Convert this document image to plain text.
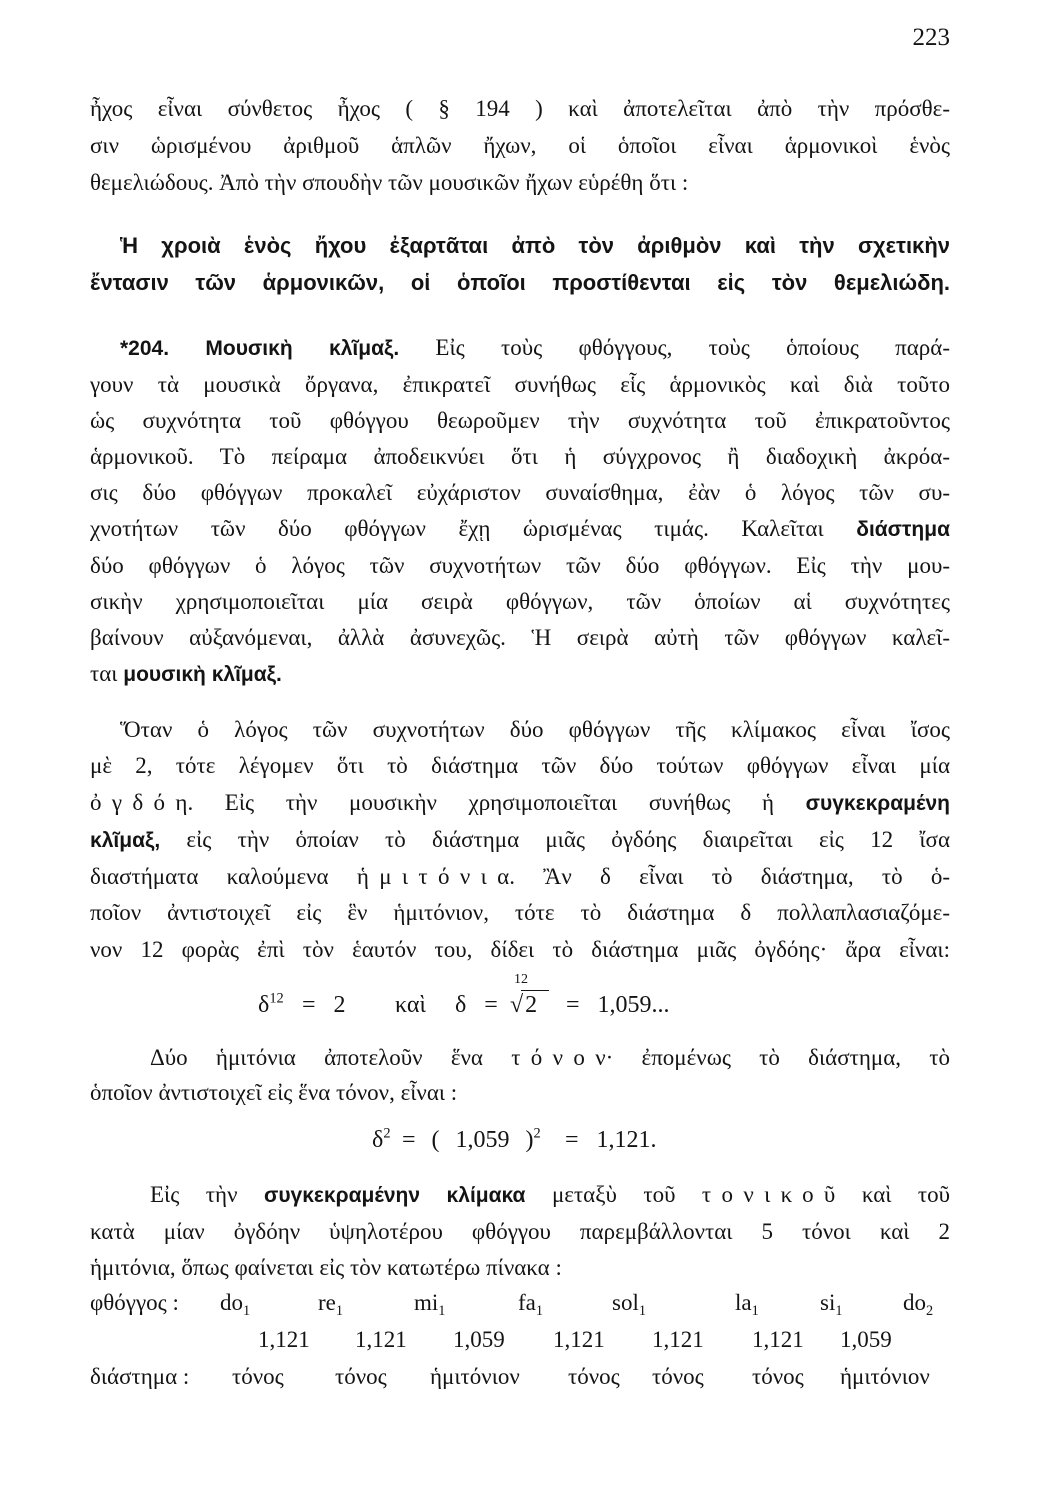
223
ἦχος εἶναι σύνθετος ἦχος ( § 194 ) καὶ ἀποτελεῖται ἀπὸ τὴν πρόσθε-
σιν ὡρισμένου ἀριθμοῦ ἁπλῶν ἤχων, οἱ ὁποῖοι εἶναι ἁρμονικοὶ ἑνὸς
θεμελιώδους. Ἀπὸ τὴν σπουδὴν τῶν μουσικῶν ἤχων εὑρέθη ὅτι :
Ἡ χροιὰ ἑνὸς ἤχου ἐξαρτᾶται ἀπὸ τὸν ἀριθμὸν καὶ τὴν σχετικὴν
ἔντασιν τῶν ἁρμονικῶν, οἱ ὁποῖοι προστίθενται εἰς τὸν θεμελιώδη.
*204. Μουσικὴ κλῖμαξ. Εἰς τοὺς φθόγγους, τοὺς ὁποίους παρά-
γουν τὰ μουσικὰ ὄργανα, ἐπικρατεῖ συνήθως εἷς ἁρμονικὸς καὶ διὰ τοῦτο
ὡς συχνότητα τοῦ φθόγγου θεωροῦμεν τὴν συχνότητα τοῦ ἐπικρατοῦντος
ἁρμονικοῦ. Τὸ πείραμα ἀποδεικνύει ὅτι ἡ σύγχρονος ἢ διαδοχικὴ ἀκρόα-
σις δύο φθόγγων προκαλεῖ εὐχάριστον συναίσθημα, ἐὰν ὁ λόγος τῶν συ-
χνοτήτων τῶν δύο φθόγγων ἔχῃ ὡρισμένας τιμάς. Καλεῖται διάστημα
δύο φθόγγων ὁ λόγος τῶν συχνοτήτων τῶν δύο φθόγγων. Εἰς τὴν μου-
σικὴν χρησιμοποιεῖται μία σειρὰ φθόγγων, τῶν ὁποίων αἱ συχνότητες
βαίνουν αὐξανόμεναι, ἀλλὰ ἀσυνεχῶς. Ἡ σειρὰ αὐτὴ τῶν φθόγγων καλεῖ-
ται μουσικὴ κλῖμαξ.
Ὅταν ὁ λόγος τῶν συχνοτήτων δύο φθόγγων τῆς κλίμακος εἶναι ἴσος
μὲ 2, τότε λέγομεν ὅτι τὸ διάστημα τῶν δύο τούτων φθόγγων εἶναι μία
ὀγδόη. Εἰς τὴν μουσικὴν χρησιμοποιεῖται συνήθως ἡ συγκεκραμένη
κλῖμαξ, εἰς τὴν ὁποίαν τὸ διάστημα μιᾶς ὀγδόης διαιρεῖται εἰς 12 ἴσα
διαστήματα καλούμενα ἡμιτόνια. Ἂν δ εἶναι τὸ διάστημα, τὸ ὁ-
ποῖον ἀντιστοιχεῖ εἰς ἓν ἡμιτόνιον, τότε τὸ διάστημα δ πολλαπλασιαζόμε-
νον 12 φορὰς ἐπὶ τὸν ἑαυτόν του, δίδει τὸ διάστημα μιᾶς ὀγδόης· ἄρα εἶναι:
$\delta^{12} = 2$ καὶ δ =
12
√2	= 1,059...
Δύο ἡμιτόνια ἀποτελοῦν ἕνα τόνον· ἐπομένως τὸ διάστημα, τὸ
ὁποῖον ἀντιστοιχεῖ εἰς ἕνα τόνον, εἶναι :
$\delta^2$ = ( 1,059 )$^2$ = 1,121.
Εἰς τὴν συγκεκραμένην κλίμακα μεταξὺ τοῦ τονικοῦ καὶ τοῦ
κατὰ μίαν ὀγδόην ὑψηλοτέρου φθόγγου παρεμβάλλονται 5 τόνοι καὶ 2
ἡμιτόνια, ὅπως φαίνεται εἰς τὸν κατωτέρω πίνακα :
φθόγγος : $do_1$	$re_1$	$mi_1$	$fa_1$	sol$_1$	$la_1$	$si_1$	$do_2$
1,121 1,121 1,059 1,121 1,121 1,121 1,059
διάστημα : τόνος τόνος ἡμιτόνιον τόνος τόνος τόνος ἡμιτόνιον
